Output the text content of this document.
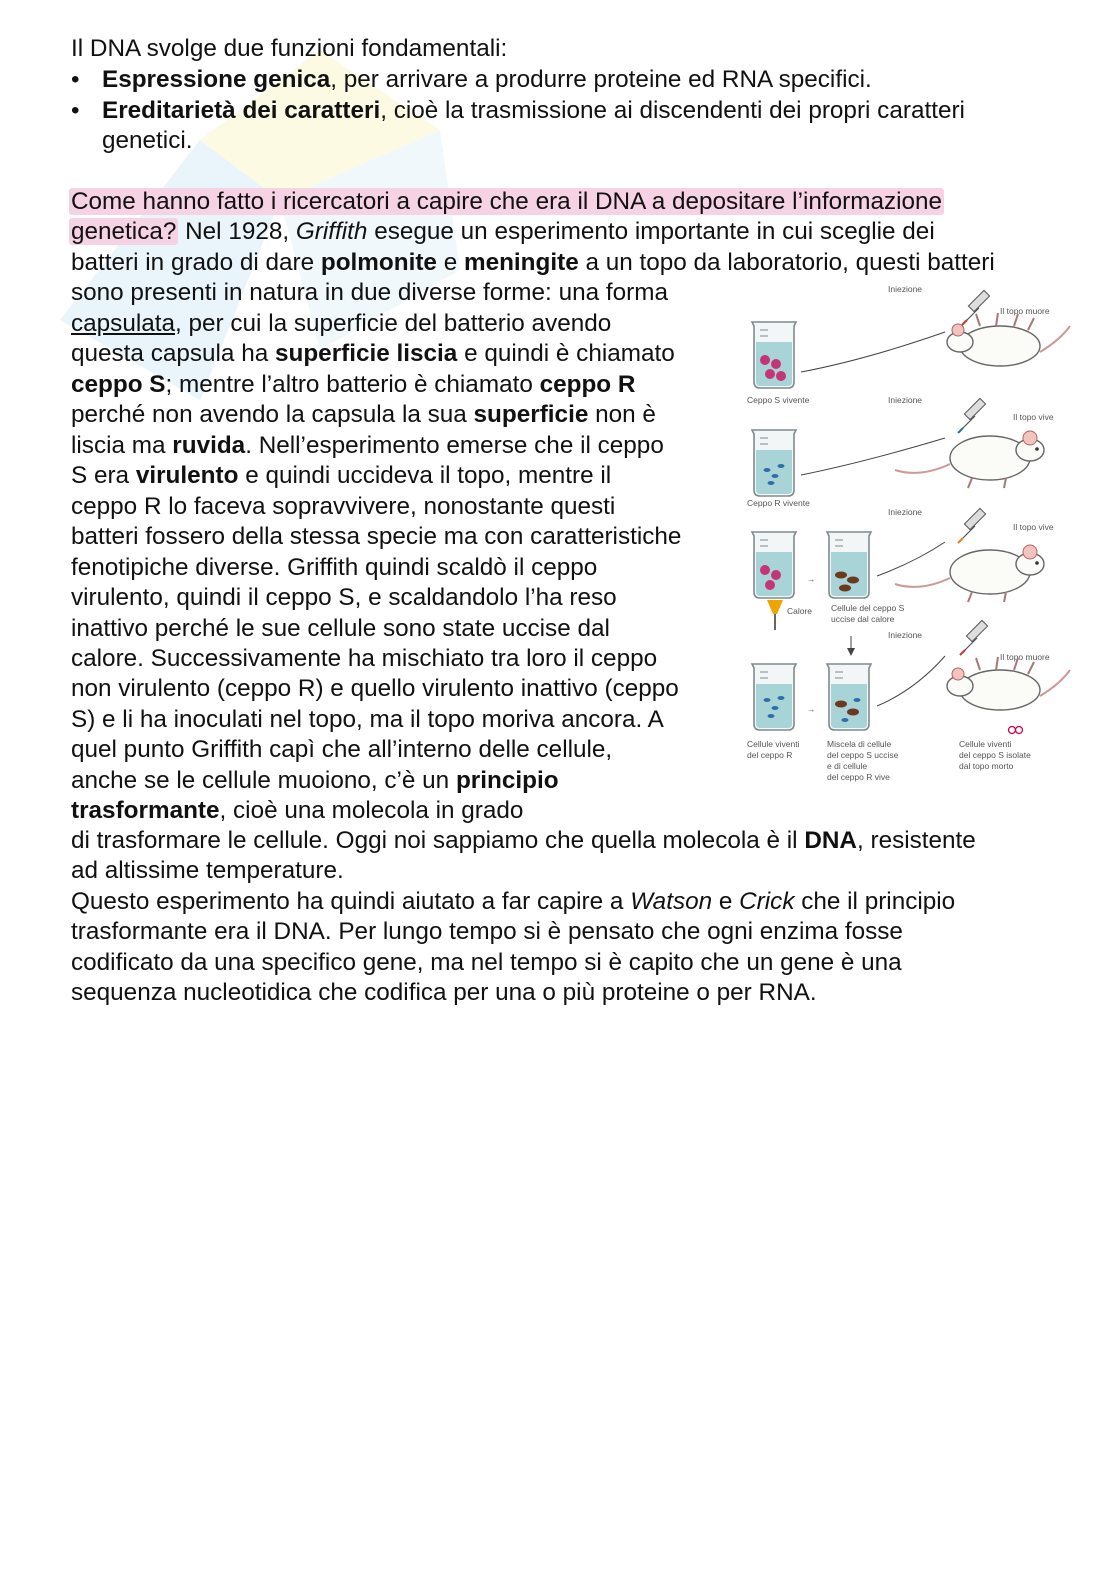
Il DNA svolge due funzioni fondamentali:
• Espressione genica, per arrivare a produrre proteine ed RNA specifici.
• Ereditarietà dei caratteri, cioè la trasmissione ai discendenti dei propri caratteri
genetici.
Come hanno fatto i ricercatori a capire che era il DNA a depositare l’informazione
genetica? Nel 1928, Griffith esegue un esperimento importante in cui sceglie dei
batteri in grado di dare polmonite e meningite a un topo da laboratorio, questi batteri
sono presenti in natura in due diverse forme: una forma
capsulata, per cui la superficie del batterio avendo
questa capsula ha superficie liscia e quindi è chiamato
ceppo S; mentre l’altro batterio è chiamato ceppo R
perché non avendo la capsula la sua superficie non è
liscia ma ruvida. Nell’esperimento emerse che il ceppo
S era virulento e quindi uccideva il topo, mentre il
ceppo R lo faceva sopravvivere, nonostante questi
batteri fossero della stessa specie ma con caratteristiche
fenotipiche diverse. Griffith quindi scaldò il ceppo
virulento, quindi il ceppo S, e scaldandolo l’ha reso
inattivo perché le sue cellule sono state uccise dal
calore. Successivamente ha mischiato tra loro il ceppo
non virulento (ceppo R) e quello virulento inattivo (ceppo
S) e li ha inoculati nel topo, ma il topo moriva ancora. A
quel punto Griffith capì che all’interno delle cellule,
anche se le cellule muoiono, c’è un principio
trasformante, cioè una molecola in grado
di trasformare le cellule. Oggi noi sappiamo che quella molecola è il DNA, resistente
ad altissime temperature.
Questo esperimento ha quindi aiutato a far capire a Watson e Crick che il principio
trasformante era il DNA. Per lungo tempo si è pensato che ogni enzima fosse
codificato da una specifico gene, ma nel tempo si è capito che un gene è una
sequenza nucleotidica che codifica per una o più proteine o per RNA.
Iniezione
Il topo muore
Ceppo S vivente	Iniezione
Il topo vive
Ceppo R vivente
Calore
→
Iniezione
Il topo vive
Cellule del ceppo S
uccise dal calore
→
Iniezione
Il topo muore
Cellule viventi
del ceppo R
Miscela di cellule
del ceppo S uccise
e di cellule
del ceppo R vive
Cellule viventi
del ceppo S isolate
dal topo morto
